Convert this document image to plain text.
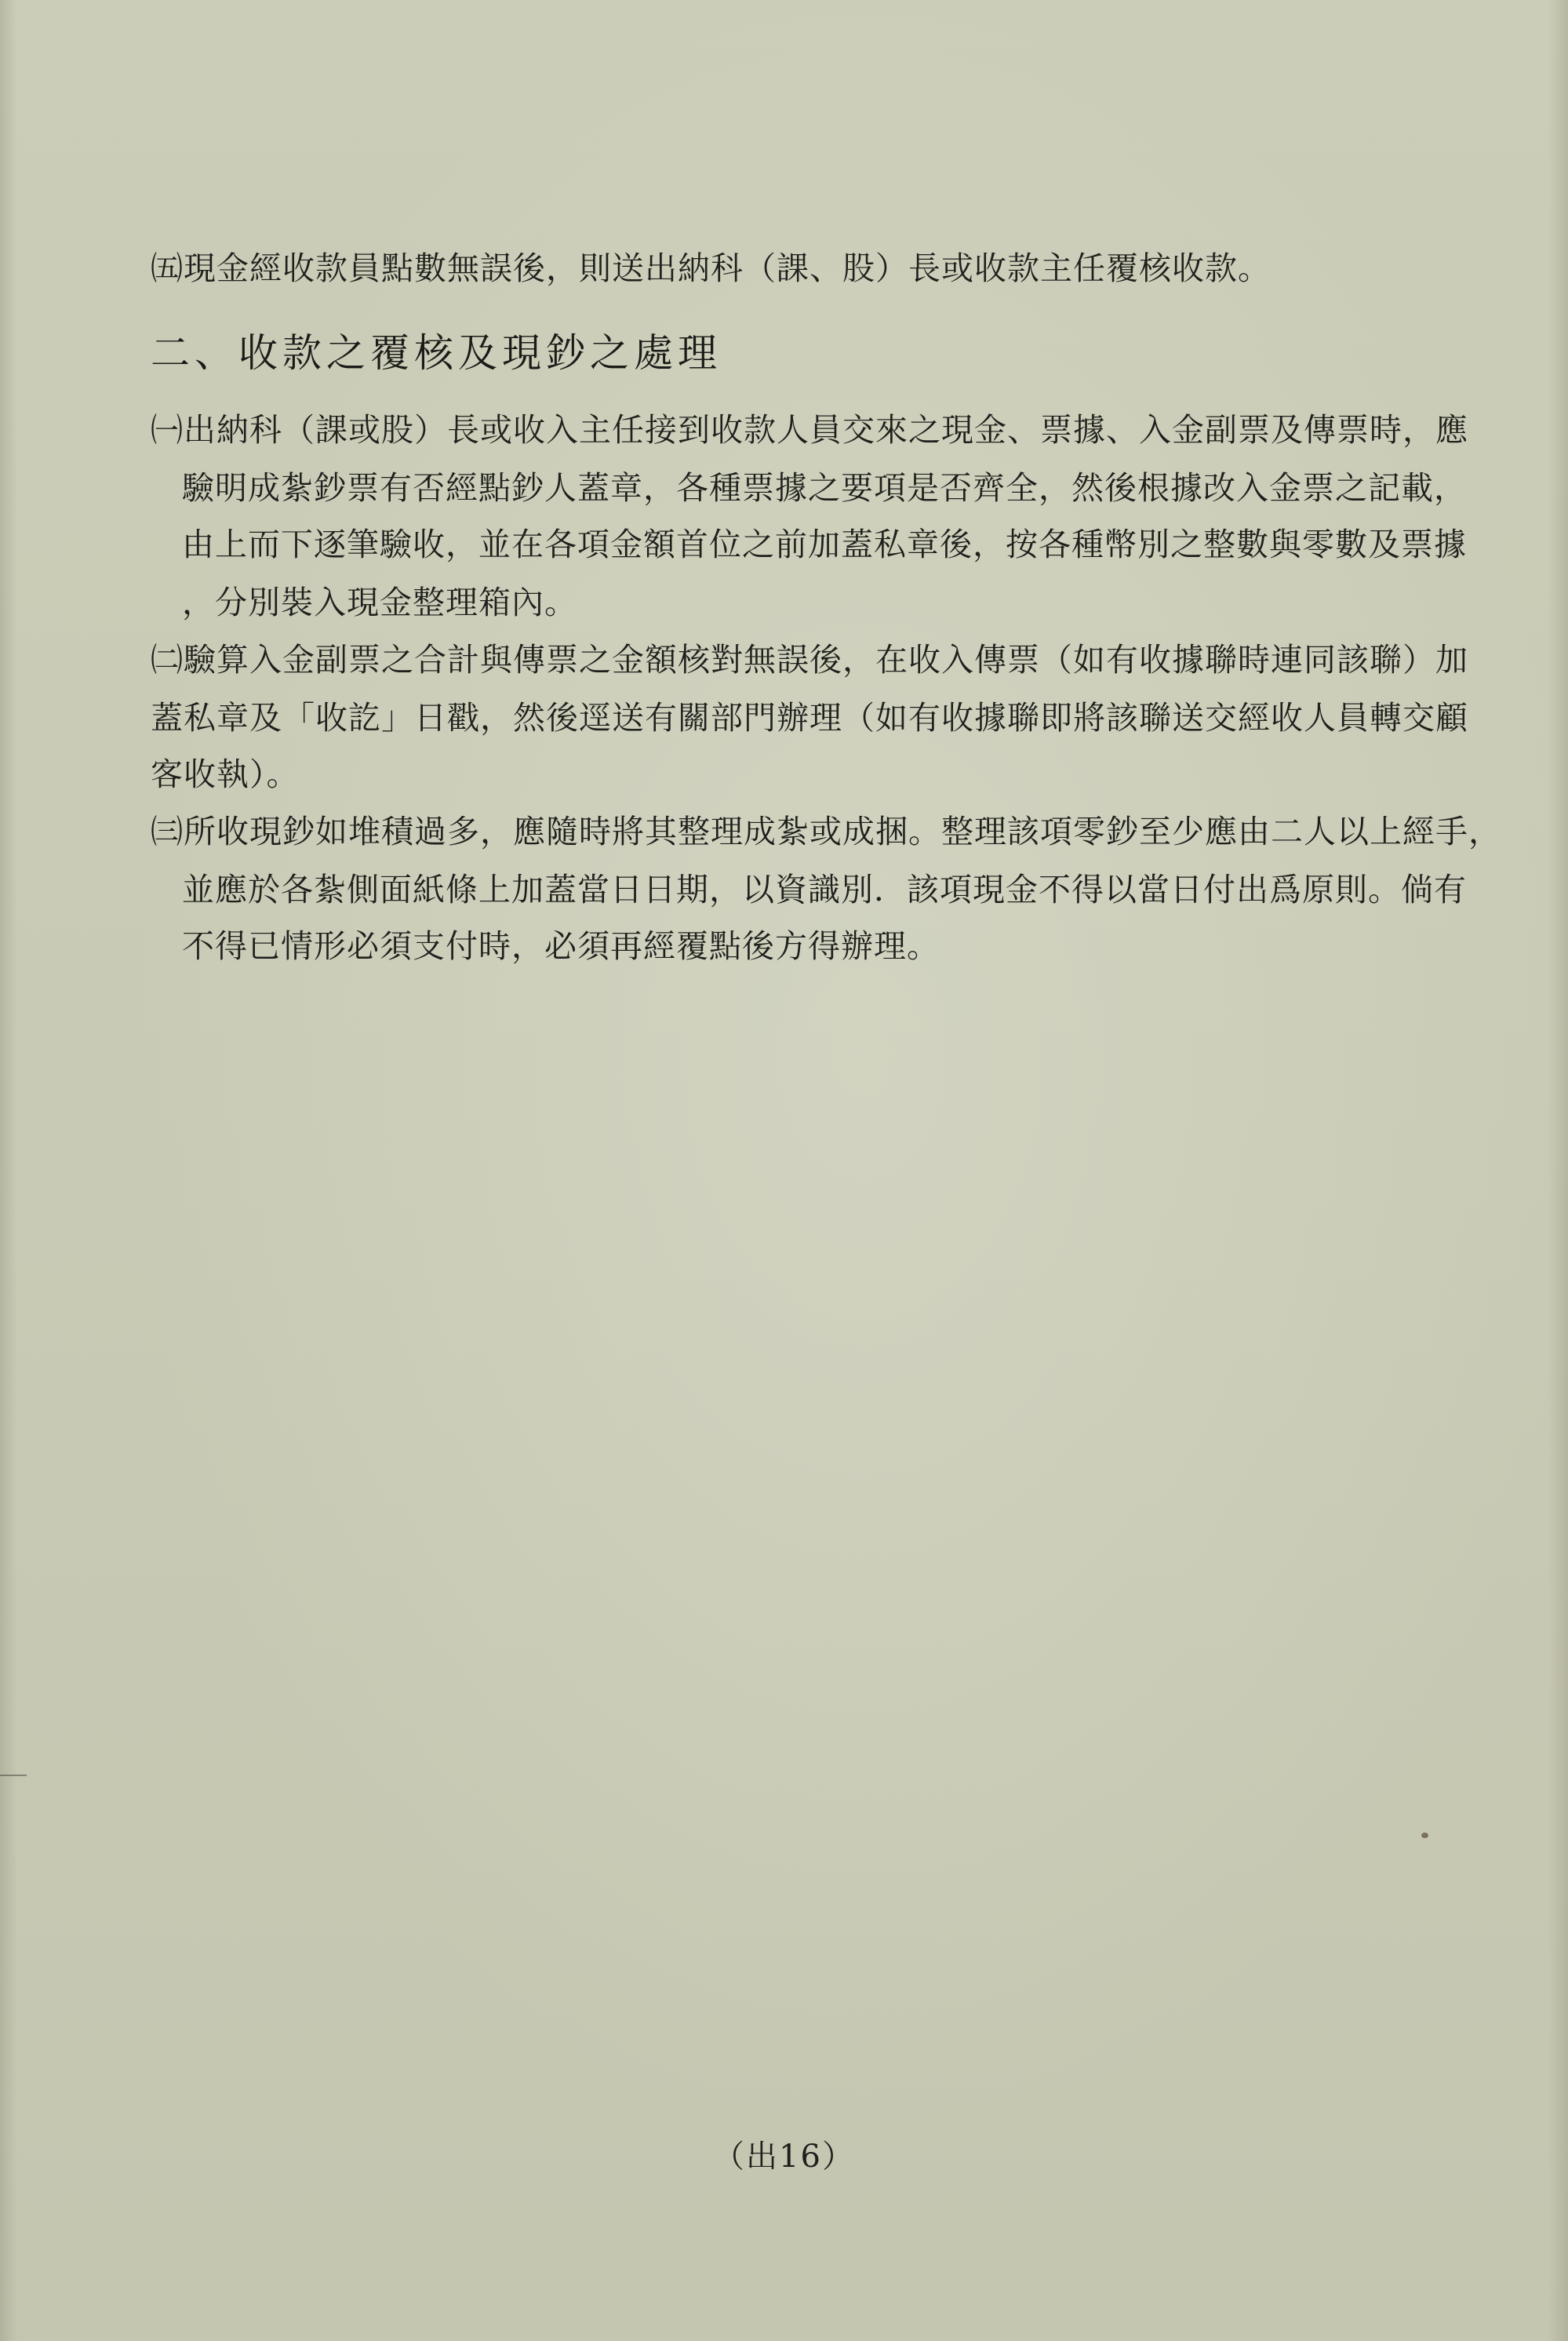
㈤現金經收款員點數無誤後，則送出納科（課、股）長或收款主任覆核收款。
二、收款之覆核及現鈔之處理
㈠出納科（課或股）長或收入主任接到收款人員交來之現金、票據、入金副票及傳票時，應
驗明成紮鈔票有否經點鈔人蓋章，各種票據之要項是否齊全，然後根據改入金票之記載，
由上而下逐筆驗收，並在各項金額首位之前加蓋私章後，按各種幣別之整數與零數及票據
，分別裝入現金整理箱內。
㈡驗算入金副票之合計與傳票之金額核對無誤後，在收入傳票（如有收據聯時連同該聯）加
蓋私章及「收訖」日戳，然後逕送有關部門辦理（如有收據聯即將該聯送交經收人員轉交顧
客收執）。
㈢所收現鈔如堆積過多，應隨時將其整理成紮或成捆。整理該項零鈔至少應由二人以上經手，
並應於各紮側面紙條上加蓋當日日期，以資識別．該項現金不得以當日付出爲原則。倘有
不得已情形必須支付時，必須再經覆點後方得辦理。
（出16）
